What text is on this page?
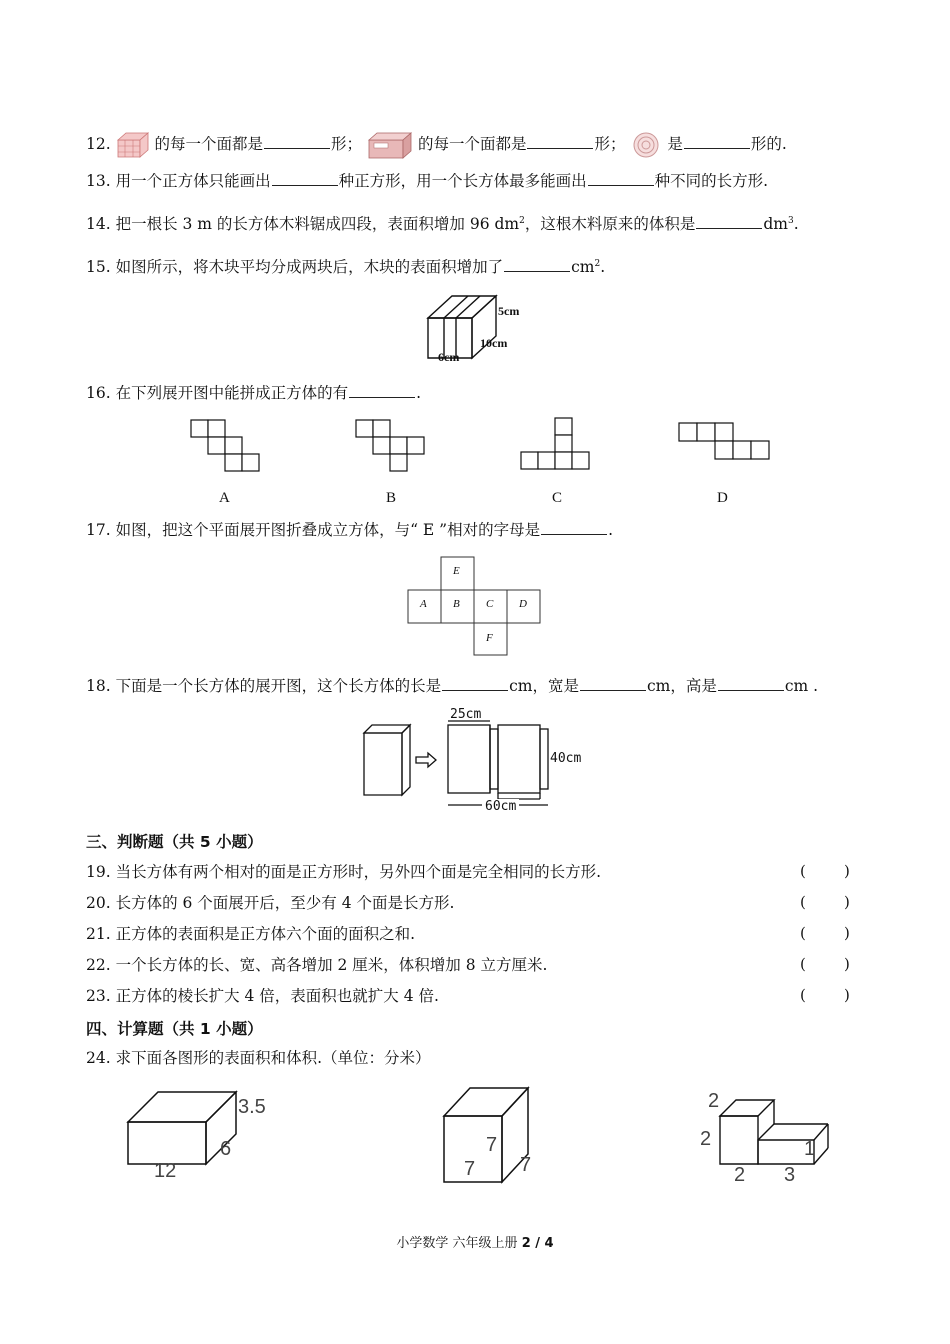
12.	的每一个面都是	形；	的每一个面都是	形；	是	形的.
13. 用一个正方体只能画出	种正方形，用一个长方体最多能画出	种不同的长方形.
14. 把一根长 3 m 的长方体木料锯成四段，表面积增加 96 $dm^2$，这根木料原来的体积是	$dm^3$.
15. 如图所示，将木块平均分成两块后，木块的表面积增加了	$cm^2$.
5cm
10cm
6cm
16. 在下列展开图中能拼成正方体的有	.
A	B	C	D
17. 如图，把这个平面展开图折叠成立方体，与“ E ”相对的字母是	.
E
A B C D
F
18. 下面是一个长方体的展开图，这个长方体的长是	cm，宽是	cm，高是	cm .
25cm
40cm
60cm
三、判断题（共 5 小题）
19. 当长方体有两个相对的面是正方形时，另外四个面是完全相同的长方形.	(        )
20. 长方体的 6 个面展开后，至少有 4 个面是长方形.	(        )
21. 正方体的表面积是正方体六个面的面积之和.	(        )
22. 一个长方体的长、宽、高各增加 2 厘米，体积增加 8 立方厘米.	(        )
23. 正方体的棱长扩大 4 倍，表面积也就扩大 4 倍.	(        )
四、计算题（共 1 小题）
24. 求下面各图形的表面积和体积.（单位：分米）
3.5
6
12
7
7 7
2
2
2 3
1
小学数学 六年级上册 2 / 4
